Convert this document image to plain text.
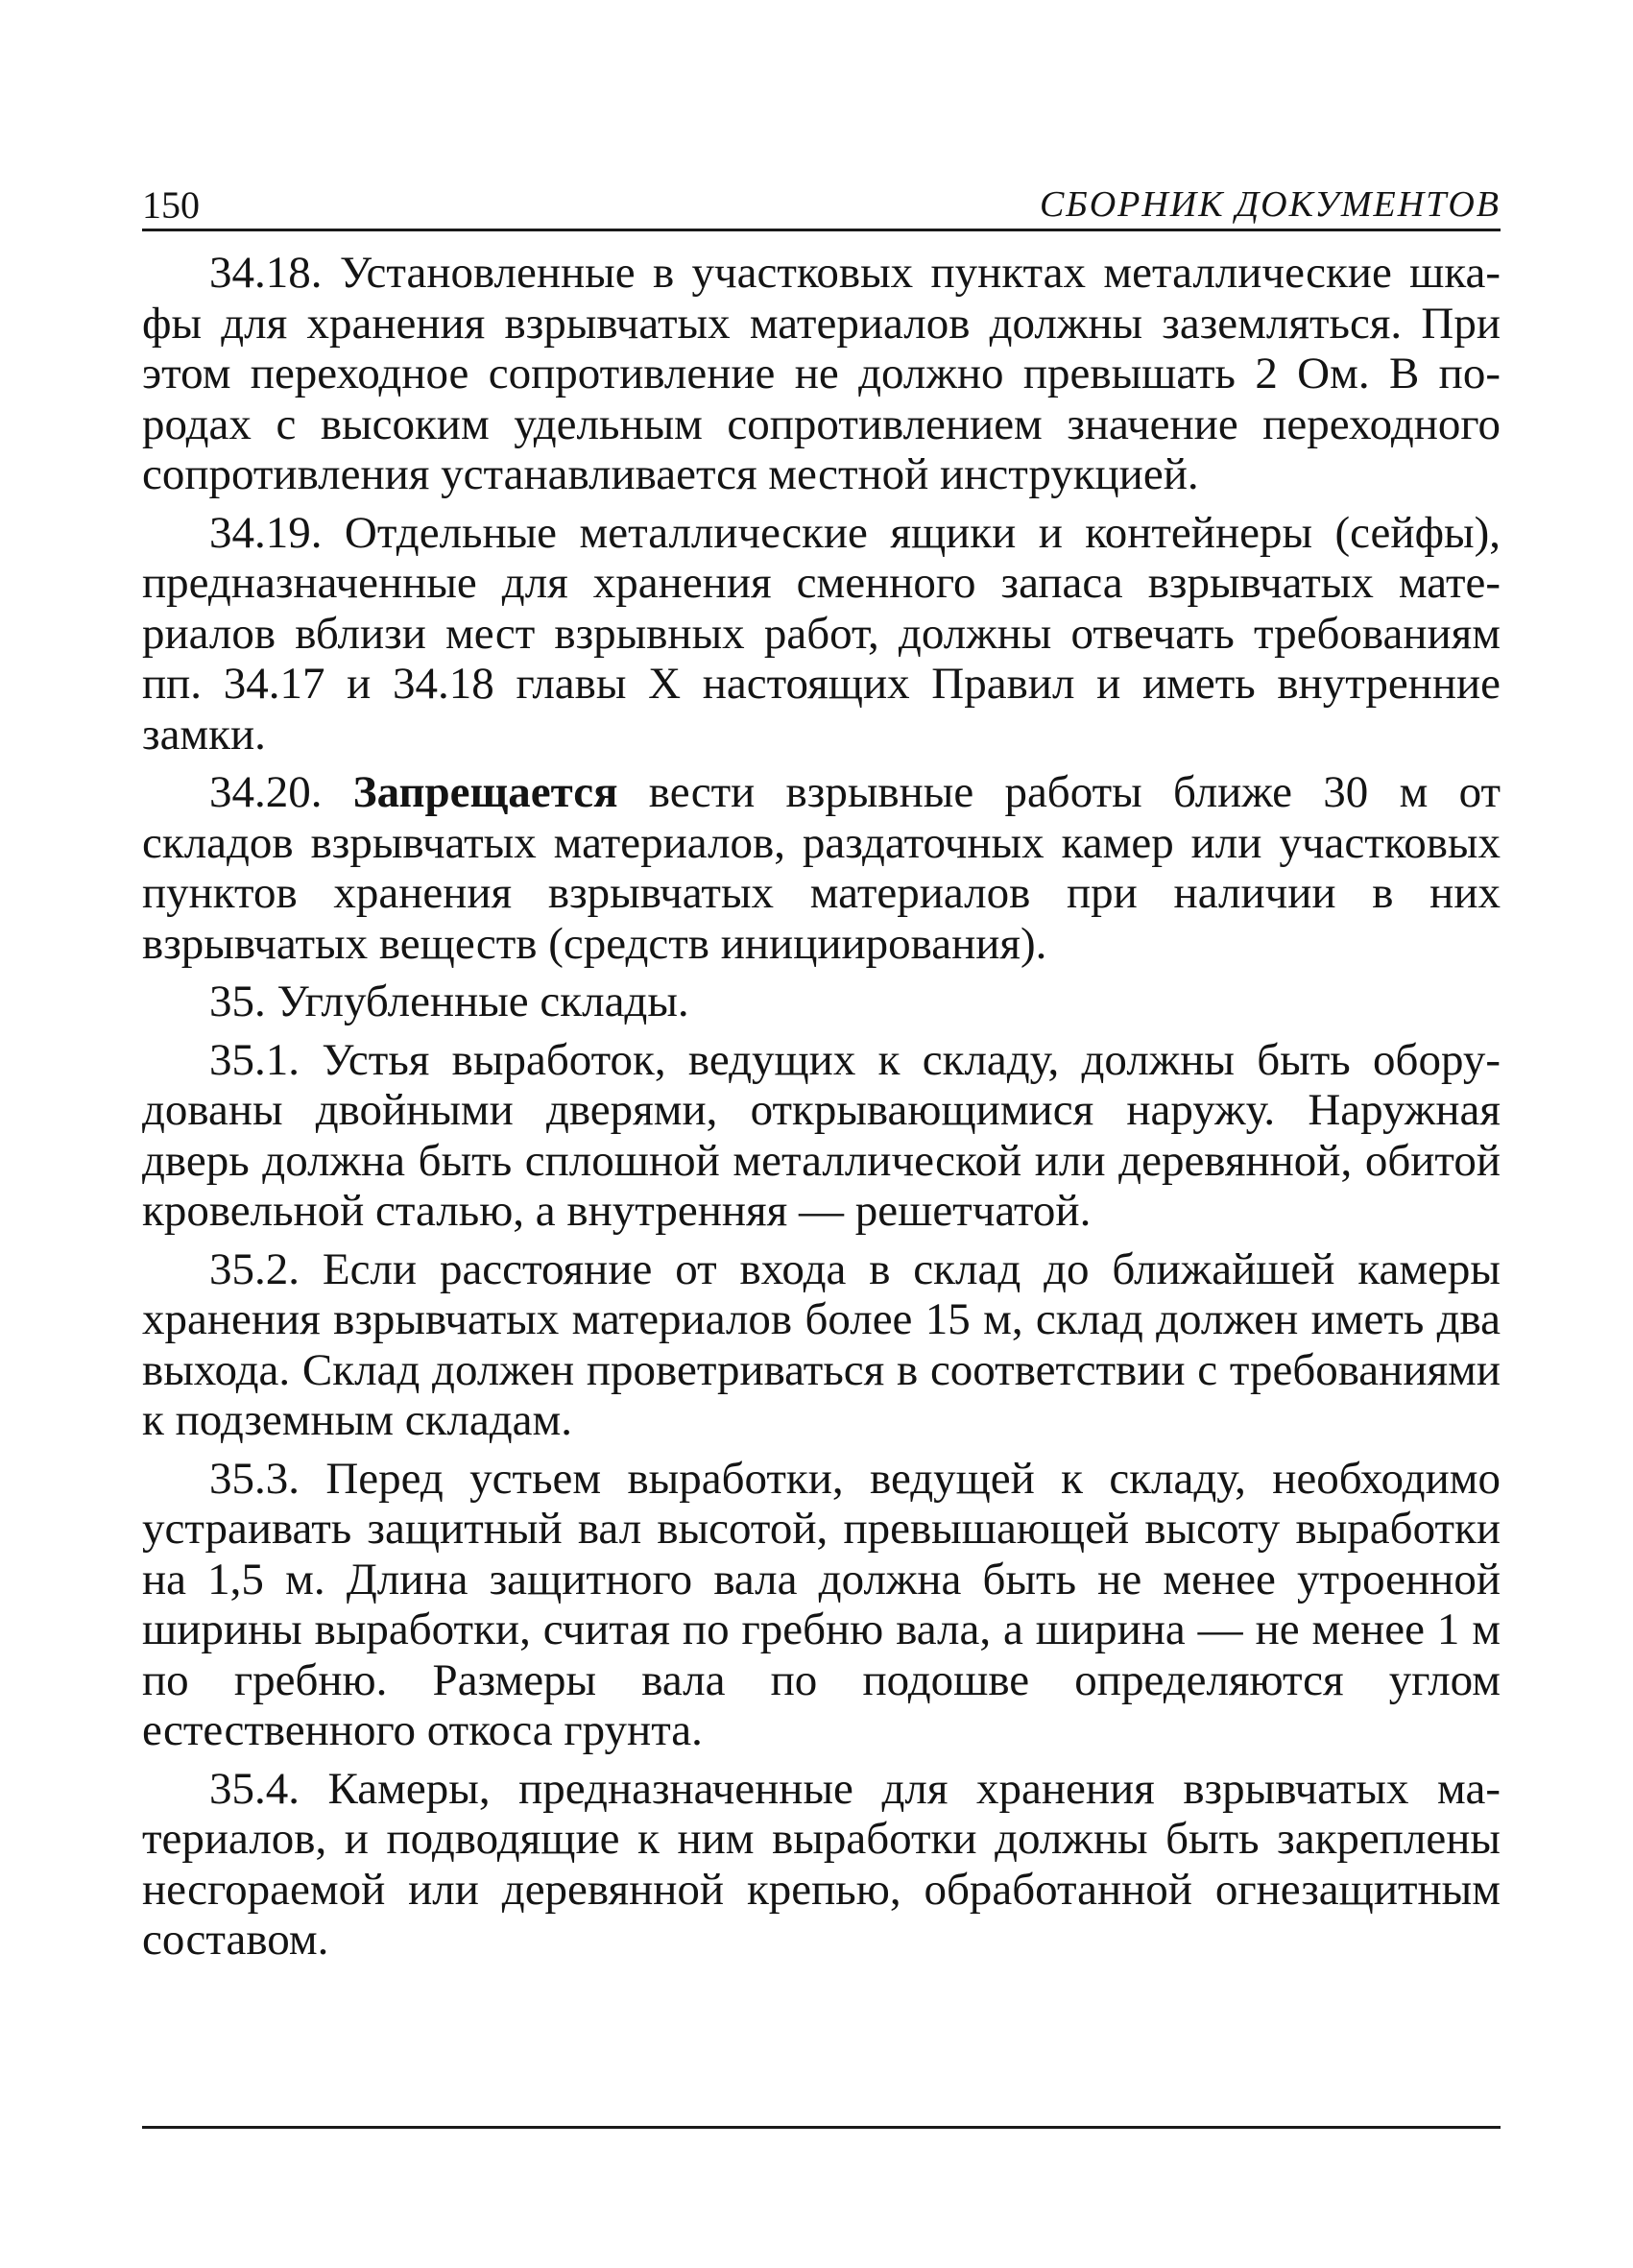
150	СБОРНИК ДОКУМЕНТОВ

34.18. Установленные в участковых пунктах металлические шкафы для хранения взрывчатых материалов должны заземляться. При этом переходное сопротивление не должно превышать 2 Ом. В породах с высоким удельным сопротивлением значение переходного сопротивления устанавливается местной инструкцией.

34.19. Отдельные металлические ящики и контейнеры (сейфы), предназначенные для хранения сменного запаса взрывчатых материалов вблизи мест взрывных работ, должны отвечать требованиям пп. 34.17 и 34.18 главы X настоящих Правил и иметь внутренние замки.

34.20. Запрещается вести взрывные работы ближе 30 м от складов взрывчатых материалов, раздаточных камер или участковых пунктов хранения взрывчатых материалов при наличии в них взрывчатых веществ (средств инициирования).

35. Углубленные склады.

35.1. Устья выработок, ведущих к складу, должны быть оборудованы двойными дверями, открывающимися наружу. Наружная дверь должна быть сплошной металлической или деревянной, обитой кровельной сталью, а внутренняя — решетчатой.

35.2. Если расстояние от входа в склад до ближайшей камеры хранения взрывчатых материалов более 15 м, склад должен иметь два выхода. Склад должен проветриваться в соответствии с требованиями к подземным складам.

35.3. Перед устьем выработки, ведущей к складу, необходимо устраивать защитный вал высотой, превышающей высоту выработки на 1,5 м. Длина защитного вала должна быть не менее утроенной ширины выработки, считая по гребню вала, а ширина — не менее 1 м по гребню. Размеры вала по подошве определяются углом естественного откоса грунта.

35.4. Камеры, предназначенные для хранения взрывчатых материалов, и подводящие к ним выработки должны быть закреплены несгораемой или деревянной крепью, обработанной огнезащитным составом.
